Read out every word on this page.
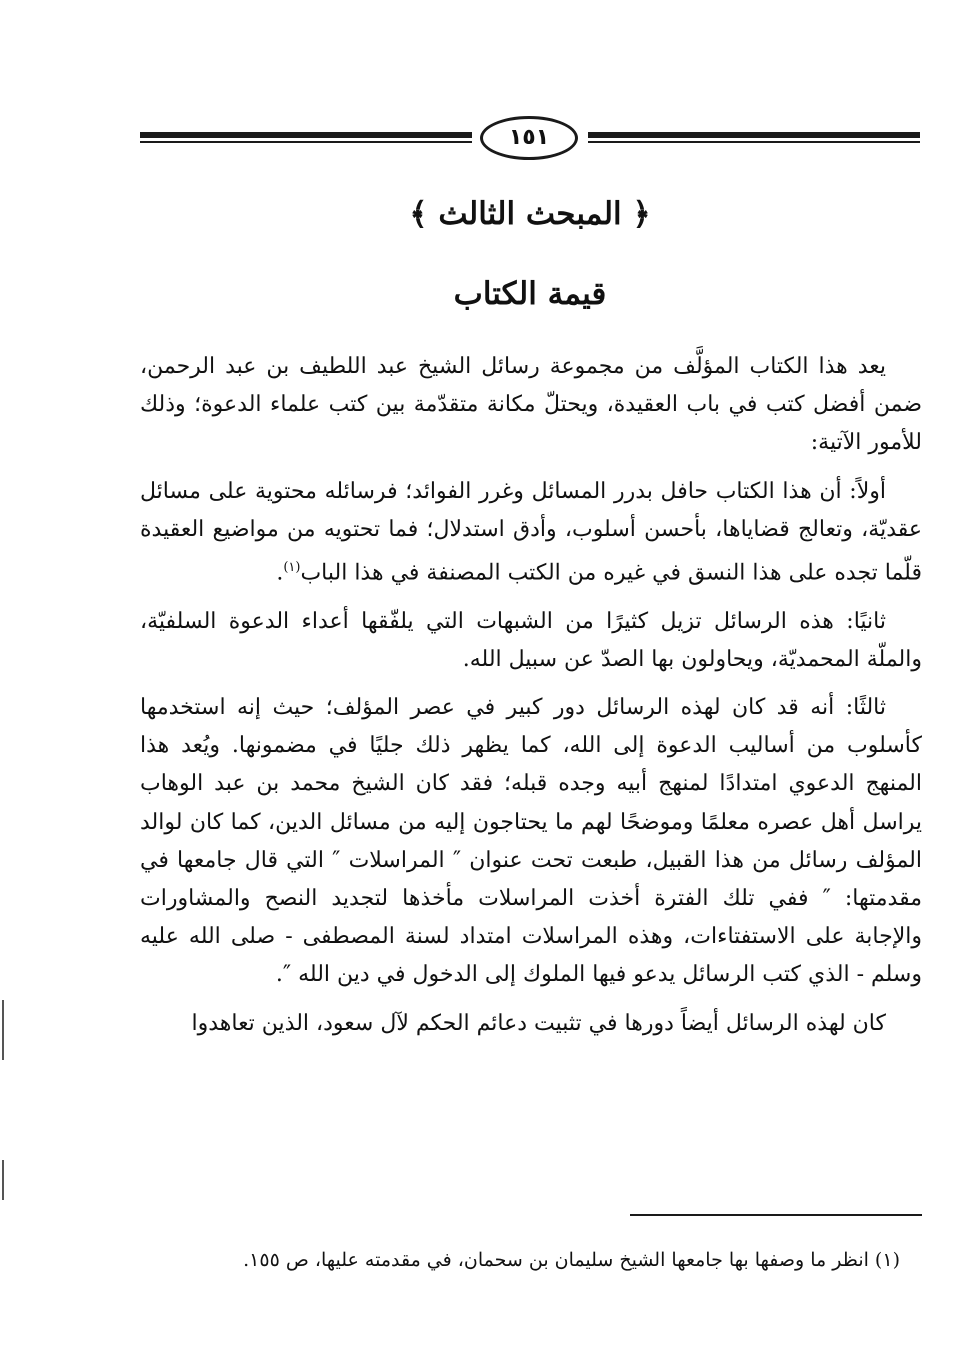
١٥١
﴿ المبحث الثالث ﴾
قيمة الكتاب

يعد هذا الكتاب المؤلَّف من مجموعة رسائل الشيخ عبد اللطيف بن عبد الرحمن، ضمن أفضل كتب في باب العقيدة، ويحتلّ مكانة متقدّمة بين كتب علماء الدعوة؛ وذلك للأمور الآتية:

أولاً: أن هذا الكتاب حافل بدرر المسائل وغرر الفوائد؛ فرسائله محتوية على مسائل عقديّة، وتعالج قضاياها، بأحسن أسلوب، وأدق استدلال؛ فما تحتويه من مواضيع العقيدة قلّما تجده على هذا النسق في غيره من الكتب المصنفة في هذا الباب$^{(١)}$.

ثانيًا: هذه الرسائل تزيل كثيرًا من الشبهات التي يلفّقها أعداء الدعوة السلفيّة، والملّة المحمديّة، ويحاولون بها الصدّ عن سبيل الله.

ثالثًا: أنه قد كان لهذه الرسائل دور كبير في عصر المؤلف؛ حيث إنه استخدمها كأسلوب من أساليب الدعوة إلى الله، كما يظهر ذلك جليًا في مضمونها. ويُعد هذا المنهج الدعوي امتدادًا لمنهج أبيه وجده قبله؛ فقد كان الشيخ محمد بن عبد الوهاب يراسل أهل عصره معلمًا وموضحًا لهم ما يحتاجون إليه من مسائل الدين، كما كان لوالد المؤلف رسائل من هذا القبيل، طبعت تحت عنوان ″ المراسلات ″ التي قال جامعها في مقدمتها: ″ ففي تلك الفترة أخذت المراسلات مأخذها لتجديد النصح والمشاورات والإجابة على الاستفتاءات، وهذه المراسلات امتداد لسنة المصطفى - صلى الله عليه وسلم - الذي كتب الرسائل يدعو فيها الملوك إلى الدخول في دين الله ″.

كان لهذه الرسائل أيضاً دورها في تثبيت دعائم الحكم لآل سعود، الذين تعاهدوا

(١) انظر ما وصفها بها جامعها الشيخ سليمان بن سحمان، في مقدمته عليها، ص ١٥٥.
